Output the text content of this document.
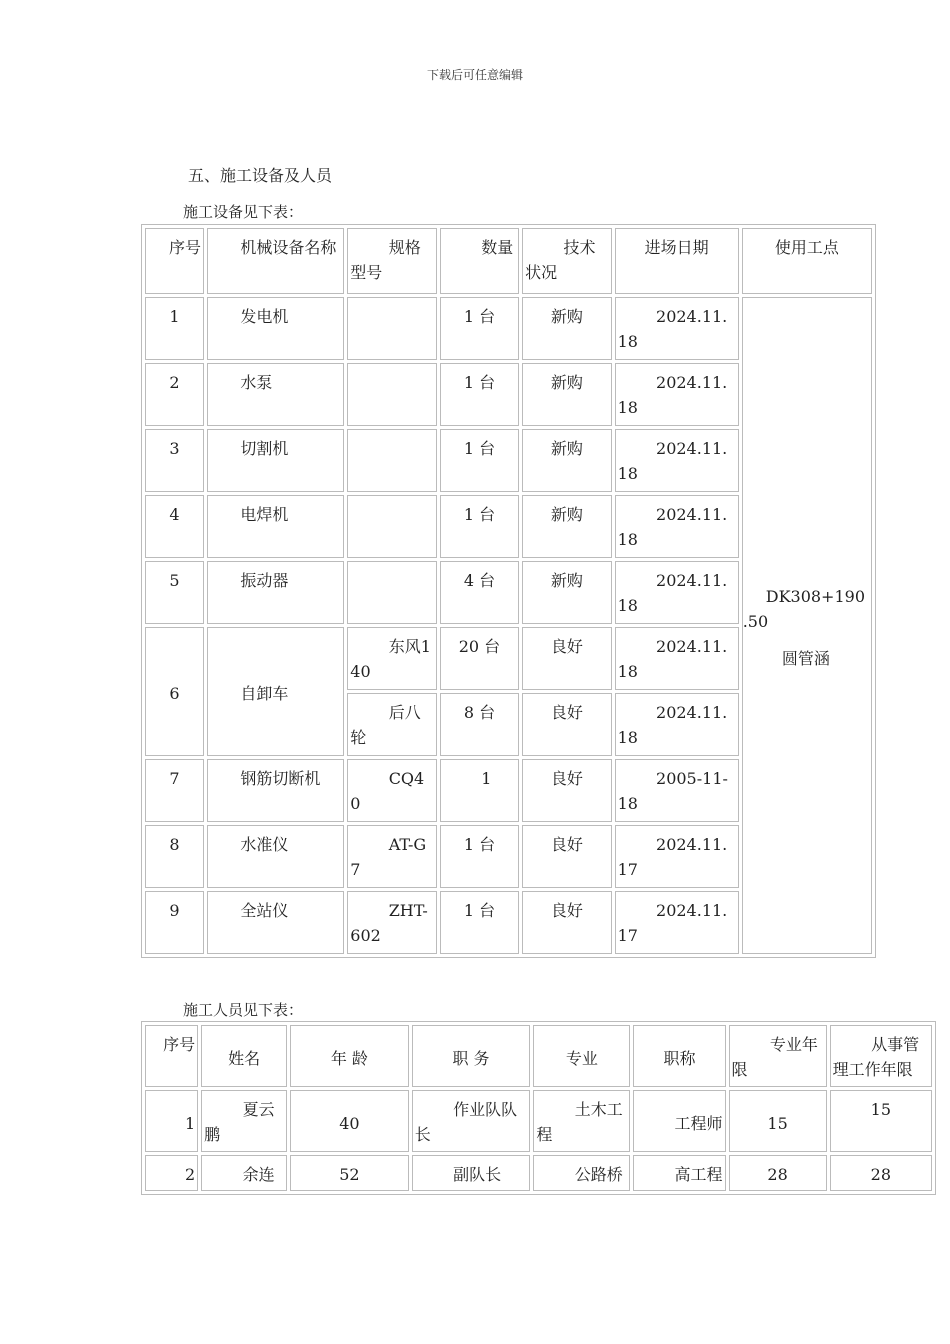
下载后可任意编辑
五、施工设备及人员
施工设备见下表：
序号	机械设备名称	规格型号	数量	技术状况	进场日期	使用工点
1	发电机		1 台	新购	2024.11.18	DK308+190
.50
圆管涵

2	水泵		1 台	新购	2024.11.18	
3	切割机		1 台	新购	2024.11.18	
4	电焊机		1 台	新购	2024.11.18	
5	振动器		4 台	新购	2024.11.18	
6	自卸车	东风140	20 台	良好	2024.11.18	
		后八轮	8 台	良好	2024.11.18	
7	钢筋切断机	CQ40	1	良好	2005-11-18	
8	水准仪	AT-G7	1 台	良好	2024.11.17	
9	全站仪	ZHT-602	1 台	良好	2024.11.17	
施工人员见下表：
序号	姓名	年 龄	职 务	专业	职称	专业年限	从事管理工作年限
1	夏云鹏	40	作业队队长	土木工程	工程师	15	15
2	余连	52	副队长	公路桥	高工程	28	28
